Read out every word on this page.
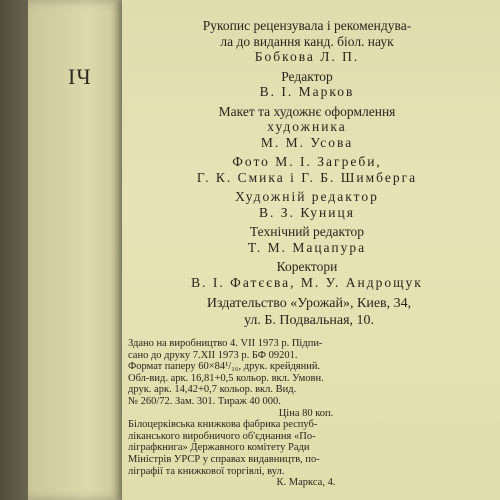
ІЧ
Рукопис рецензувала і рекомендува-
ла до видання канд. біол. наук
Бобкова Л. П.
Редактор
В. І. Марков
Макет та художнє оформлення
художника
М. М. Усова
Фото М. І. Загреби,
Г. К. Смика і Г. Б. Шимберга
Художній редактор
В. З. Куниця
Технічний редактор
Т. М. Мацапура
Коректори
В. І. Фатєєва, М. У. Андрощук
Издательство «Урожай», Киев, 34,
ул. Б. Подвальная, 10.
Здано на виробництво 4. VII 1973 р. Підпи-
сано до друку 7.XII 1973 р. БФ 09201.
Формат паперу 60×84¹/₁₆, друк. крейдяний.
Обл-вид. арк. 16,81+0,5 кольор. вкл. Умовн.
друк. арк. 14,42+0,7 кольор. вкл. Вид.
№ 260/72. Зам. 301. Тираж 40 000.
Ціна 80 коп.
Білоцерківська книжкова фабрика респуб-
ліканського виробничого об'єднання «По-
ліграфкнига» Державного комітету Ради
Міністрів УРСР у справах видавництв, по-
ліграфії та книжкової торгівлі, вул.
К. Маркса, 4.
